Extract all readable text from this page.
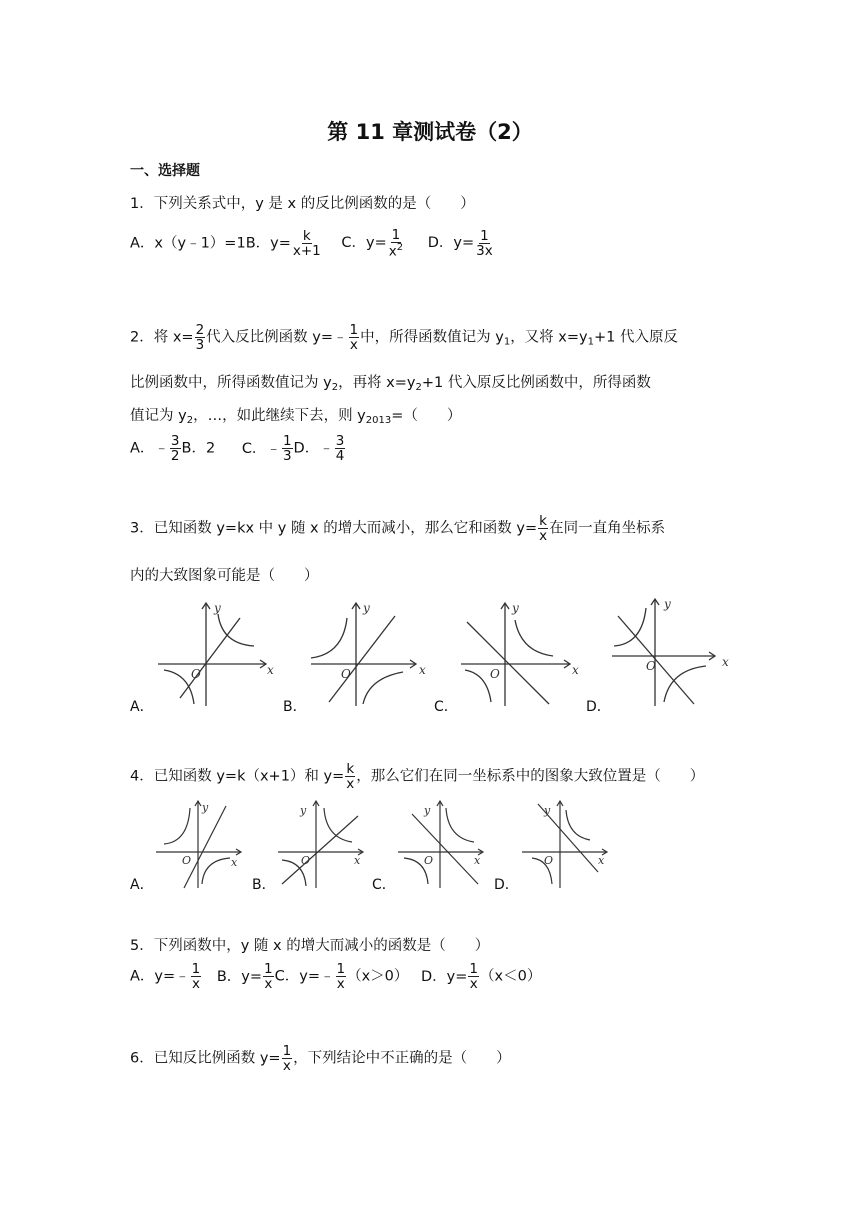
第 11 章测试卷（2）
一、选择题
1．下列关系式中，y 是 x 的反比例函数的是（　　）
A．x（y﹣1）=1B．$y= \frac{k}{x+1}$ C．$y= \frac{1}{x^2}$ D．$y= \frac{1}{3x}$
2．将 $x= \frac{2}{3}$ 代入反比例函数 y=﹣ $\frac{1}{x}$ 中，所得函数值记为 $y_1$，又将 $x=y_1+1$ 代入原反
比例函数中，所得函数值记为 $y_2$，再将 $x=y_2+1$ 代入原反比例函数中，所得函数
值记为 $y_2$，…，如此继续下去，则 $y_{2013}=$（　　）
A．﹣ $\frac{3}{2}$ B．2 C．﹣ $\frac{1}{3}$ D．﹣ $\frac{3}{4}$
3．已知函数 y=kx 中 y 随 x 的增大而减小，那么它和函数 $y= \frac{k}{x}$ 在同一直角坐标系
内的大致图象可能是（　　）
y
x
O
y
x
O
y
x
O
y
x
O
A．	B．	C．	D．
4．已知函数 y=k（x+1）和 $y= \frac{k}{x}$ ，那么它们在同一坐标系中的图象大致位置是（　　）
y
x
O
y
x
O
y
x
O
y
x
O
A．	B．	C．	D．
5．下列函数中，y 随 x 的增大而减小的函数是（　　）
A．y=﹣ $\frac{1}{x}$ B．$y= \frac{1}{x}$ C．y=﹣ $\frac{1}{x} (x>0)$ D．$y= \frac{1}{x} (x<0)$
6．已知反比例函数 $y= \frac{1}{x}$ ，下列结论中不正确的是（　　）
